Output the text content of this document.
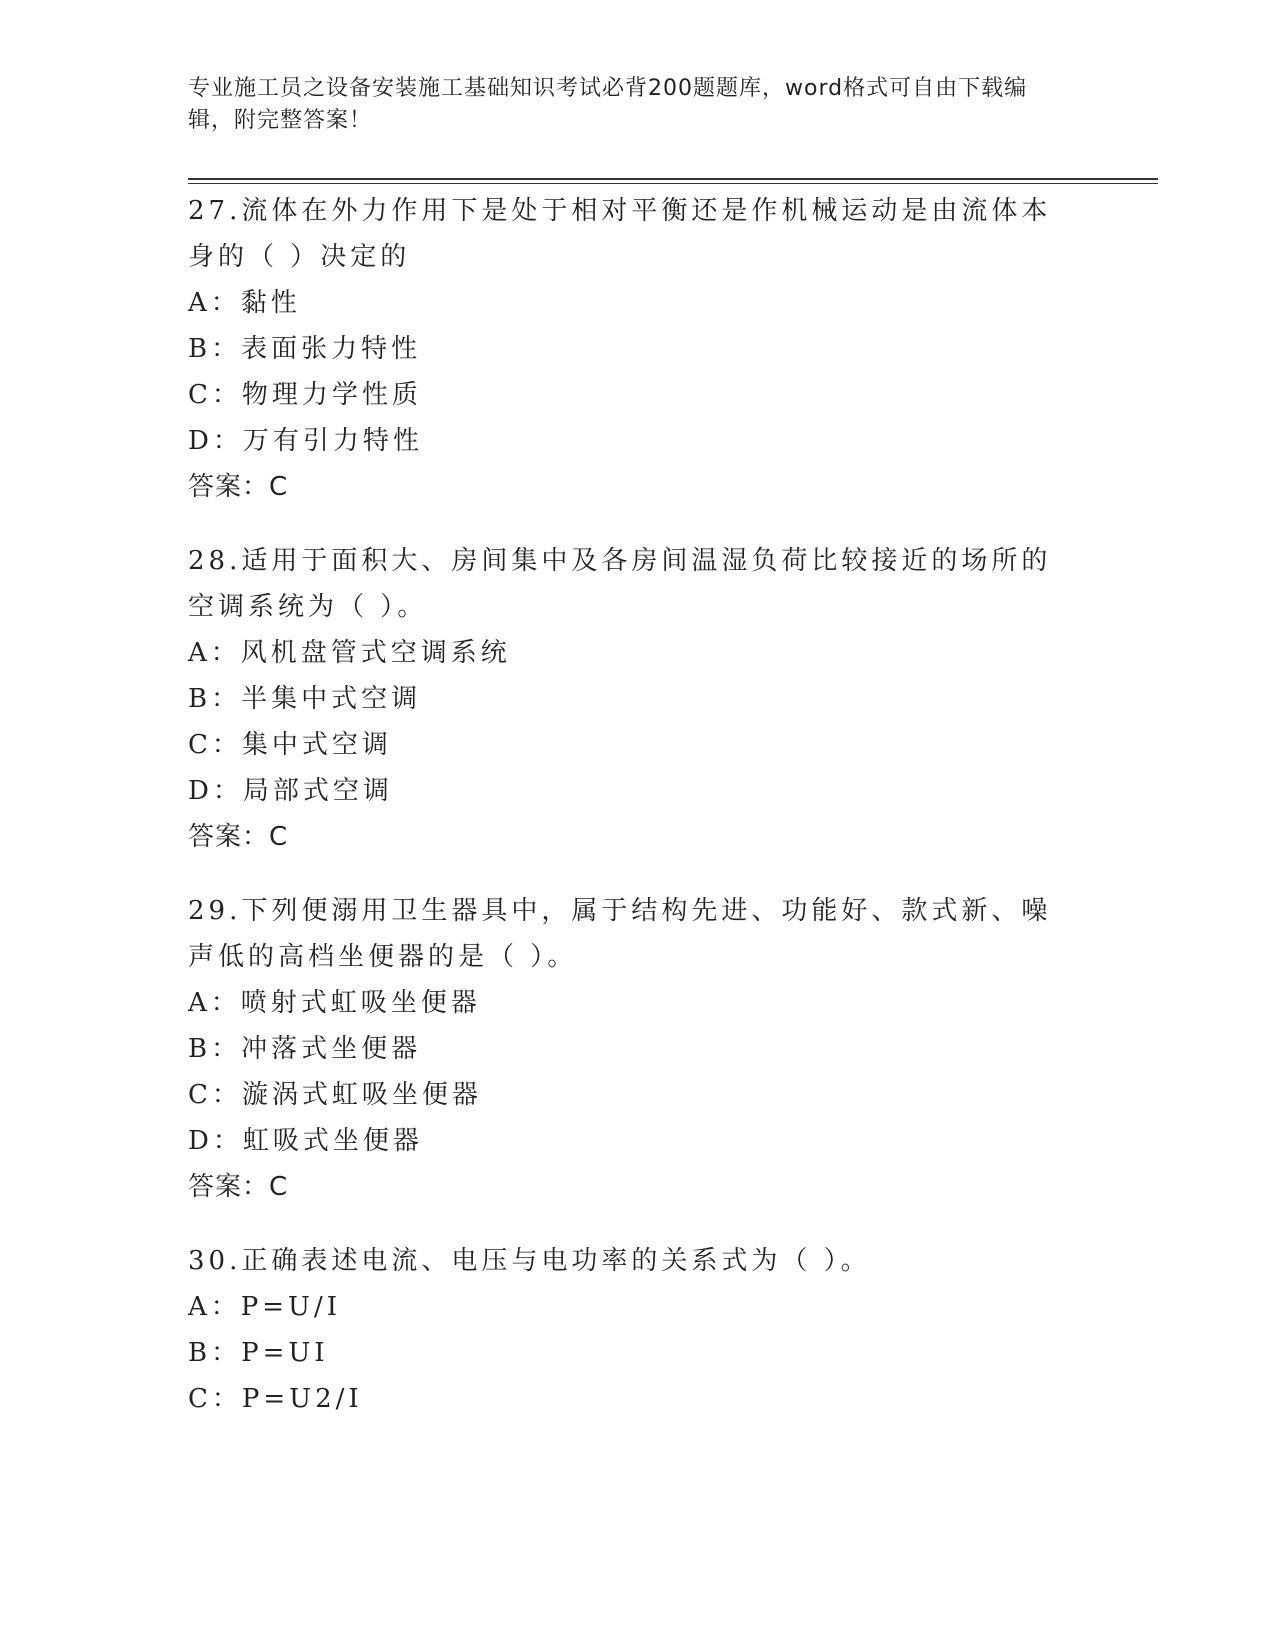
专业施工员之设备安装施工基础知识考试必背200题题库，word格式可自由下载编辑，附完整答案！

27.流体在外力作用下是处于相对平衡还是作机械运动是由流体本身的（ ）决定的

A：黏性

B：表面张力特性

C：物理力学性质

D：万有引力特性

答案：C

28.适用于面积大、房间集中及各房间温湿负荷比较接近的场所的空调系统为（ ）。

A：风机盘管式空调系统

B：半集中式空调

C：集中式空调

D：局部式空调

答案：C

29.下列便溺用卫生器具中，属于结构先进、功能好、款式新、噪声低的高档坐便器的是（ ）。

A：喷射式虹吸坐便器

B：冲落式坐便器

C：漩涡式虹吸坐便器

D：虹吸式坐便器

答案：C

30.正确表述电流、电压与电功率的关系式为（ ）。

A：P=U/I

B：P=UI

C：P=U2/I
